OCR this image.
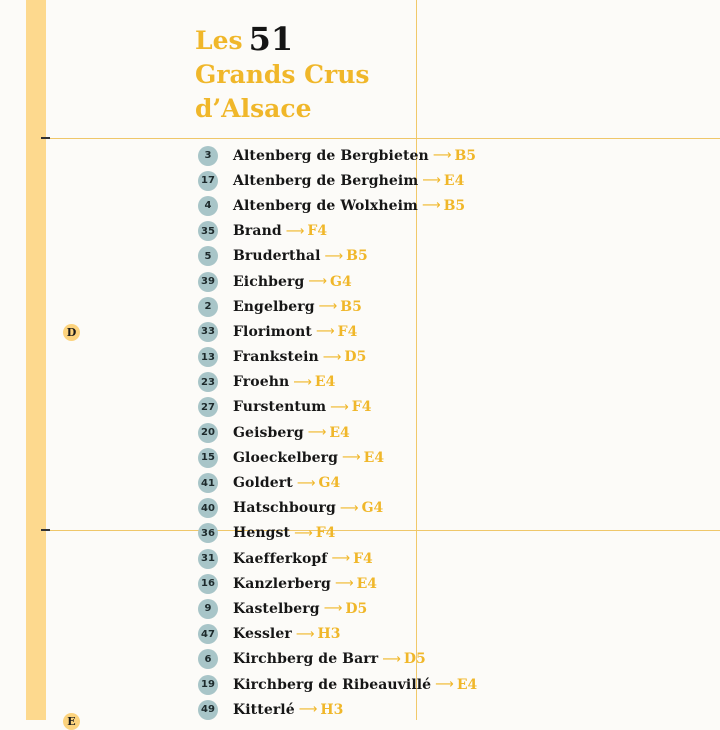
D
E
Les 51
Grands Crus
d’Alsace
3	Altenberg de Bergbieten ⟶ B5
17 Altenberg de Bergheim ⟶ E4
4	Altenberg de Wolxheim ⟶ B5
35 Brand ⟶ F4
5	Bruderthal ⟶ B5
39 Eichberg ⟶ G4
2	Engelberg ⟶ B5
33 Florimont ⟶ F4
13 Frankstein ⟶ D5
23 Froehn ⟶ E4
27 Furstentum ⟶ F4
20 Geisberg ⟶ E4
15 Gloeckelberg ⟶ E4
41 Goldert ⟶ G4
40 Hatschbourg ⟶ G4
36 Hengst ⟶ F4
31 Kaefferkopf ⟶ F4
16 Kanzlerberg ⟶ E4
9	Kastelberg ⟶ D5
47 Kessler ⟶ H3
6	Kirchberg de Barr ⟶ D5
19 Kirchberg de Ribeauvillé ⟶ E4
49 Kitterlé ⟶ H3
